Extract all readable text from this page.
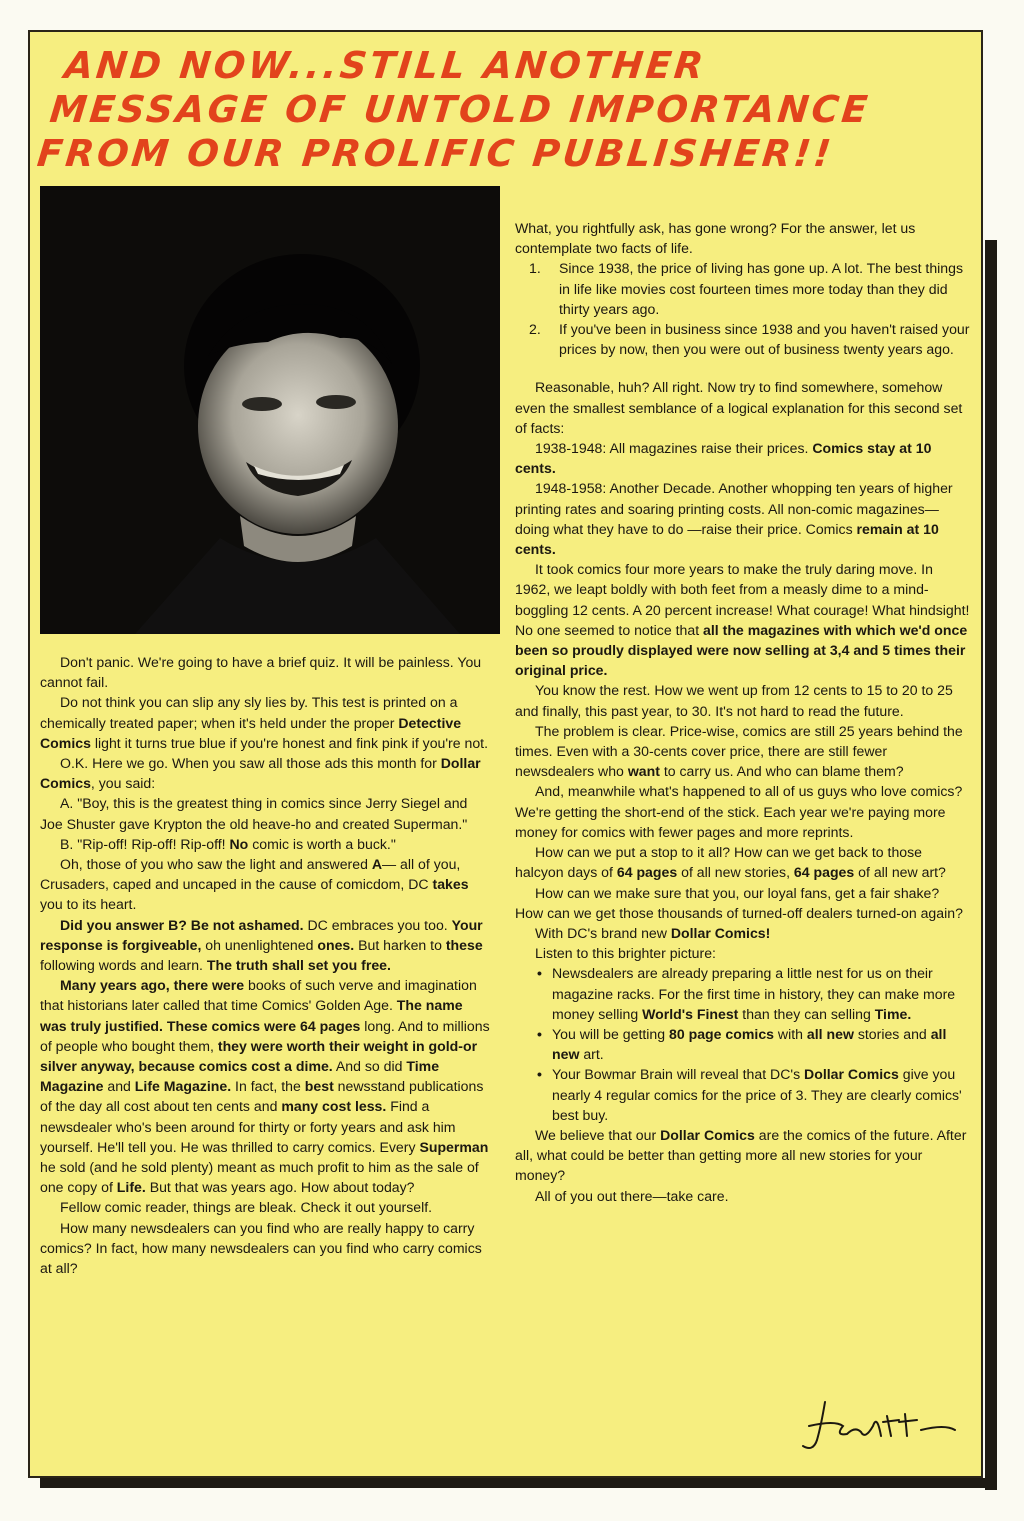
AND NOW...STILL ANOTHER
MESSAGE OF UNTOLD IMPORTANCE
FROM OUR PROLIFIC PUBLISHER!!

Don't panic. We're going to have a brief quiz. It will be painless. You cannot fail.

Do not think you can slip any sly lies by. This test is printed on a chemically treated paper; when it's held under the proper Detective Comics light it turns true blue if you're honest and fink pink if you're not.

O.K. Here we go. When you saw all those ads this month for Dollar Comics, you said:

A. "Boy, this is the greatest thing in comics since Jerry Siegel and Joe Shuster gave Krypton the old heave-ho and created Superman."

B. "Rip-off! Rip-off! Rip-off! No comic is worth a buck."

Oh, those of you who saw the light and answered A— all of you, Crusaders, caped and uncaped in the cause of comicdom, DC takes you to its heart.

Did you answer B? Be not ashamed. DC embraces you too. Your response is forgiveable, oh unenlightened ones. But harken to these following words and learn. The truth shall set you free.

Many years ago, there were books of such verve and imagination that historians later called that time Comics' Golden Age. The name was truly justified. These comics were 64 pages long. And to millions of people who bought them, they were worth their weight in gold-or silver anyway, because comics cost a dime. And so did Time Magazine and Life Magazine. In fact, the best newsstand publications of the day all cost about ten cents and many cost less. Find a newsdealer who's been around for thirty or forty years and ask him yourself. He'll tell you. He was thrilled to carry comics. Every Superman he sold (and he sold plenty) meant as much profit to him as the sale of one copy of Life. But that was years ago. How about today?

Fellow comic reader, things are bleak. Check it out yourself.

How many newsdealers can you find who are really happy to carry comics? In fact, how many newsdealers can you find who carry comics at all?

What, you rightfully ask, has gone wrong? For the answer, let us contemplate two facts of life.

1. Since 1938, the price of living has gone up. A lot. The best things in life like movies cost fourteen times more today than they did thirty years ago.
2. If you've been in business since 1938 and you haven't raised your prices by now, then you were out of business twenty years ago.

Reasonable, huh? All right. Now try to find somewhere, somehow even the smallest semblance of a logical explanation for this second set of facts:

1938-1948: All magazines raise their prices. Comics stay at 10 cents.

1948-1958: Another Decade. Another whopping ten years of higher printing rates and soaring printing costs. All non-comic magazines—doing what they have to do —raise their price. Comics remain at 10 cents.

It took comics four more years to make the truly daring move. In 1962, we leapt boldly with both feet from a measly dime to a mind-boggling 12 cents. A 20 percent increase! What courage! What hindsight! No one seemed to notice that all the magazines with which we'd once been so proudly displayed were now selling at 3,4 and 5 times their original price.

You know the rest. How we went up from 12 cents to 15 to 20 to 25 and finally, this past year, to 30. It's not hard to read the future.

The problem is clear. Price-wise, comics are still 25 years behind the times. Even with a 30-cents cover price, there are still fewer newsdealers who want to carry us. And who can blame them?

And, meanwhile what's happened to all of us guys who love comics? We're getting the short-end of the stick. Each year we're paying more money for comics with fewer pages and more reprints.

How can we put a stop to it all? How can we get back to those halcyon days of 64 pages of all new stories, 64 pages of all new art?

How can we make sure that you, our loyal fans, get a fair shake? How can we get those thousands of turned-off dealers turned-on again?

With DC's brand new Dollar Comics!

Listen to this brighter picture:

• Newsdealers are already preparing a little nest for us on their magazine racks. For the first time in history, they can make more money selling World's Finest than they can selling Time.
• You will be getting 80 page comics with all new stories and all new art.
• Your Bowmar Brain will reveal that DC's Dollar Comics give you nearly 4 regular comics for the price of 3. They are clearly comics' best buy.

We believe that our Dollar Comics are the comics of the future. After all, what could be better than getting more all new stories for your money?

All of you out there—take care.
